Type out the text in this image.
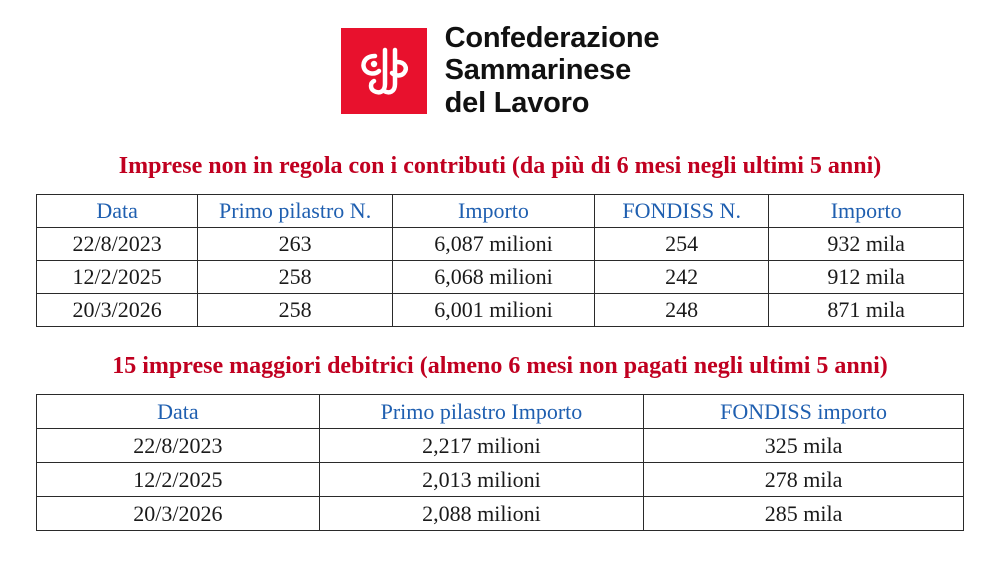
Confederazione
Sammarinese
del Lavoro
Imprese non in regola con i contributi (da più di 6 mesi negli ultimi 5 anni)
Data	Primo pilastro N.	Importo	FONDISS N.	Importo
22/8/2023	263	6,087 milioni	254	932 mila
12/2/2025	258	6,068 milioni	242	912 mila
20/3/2026	258	6,001 milioni	248	871 mila
15 imprese maggiori debitrici (almeno 6 mesi non pagati negli ultimi 5 anni)
Data	Primo pilastro Importo	FONDISS importo
22/8/2023	2,217 milioni	325 mila
12/2/2025	2,013 milioni	278 mila
20/3/2026	2,088 milioni	285 mila
